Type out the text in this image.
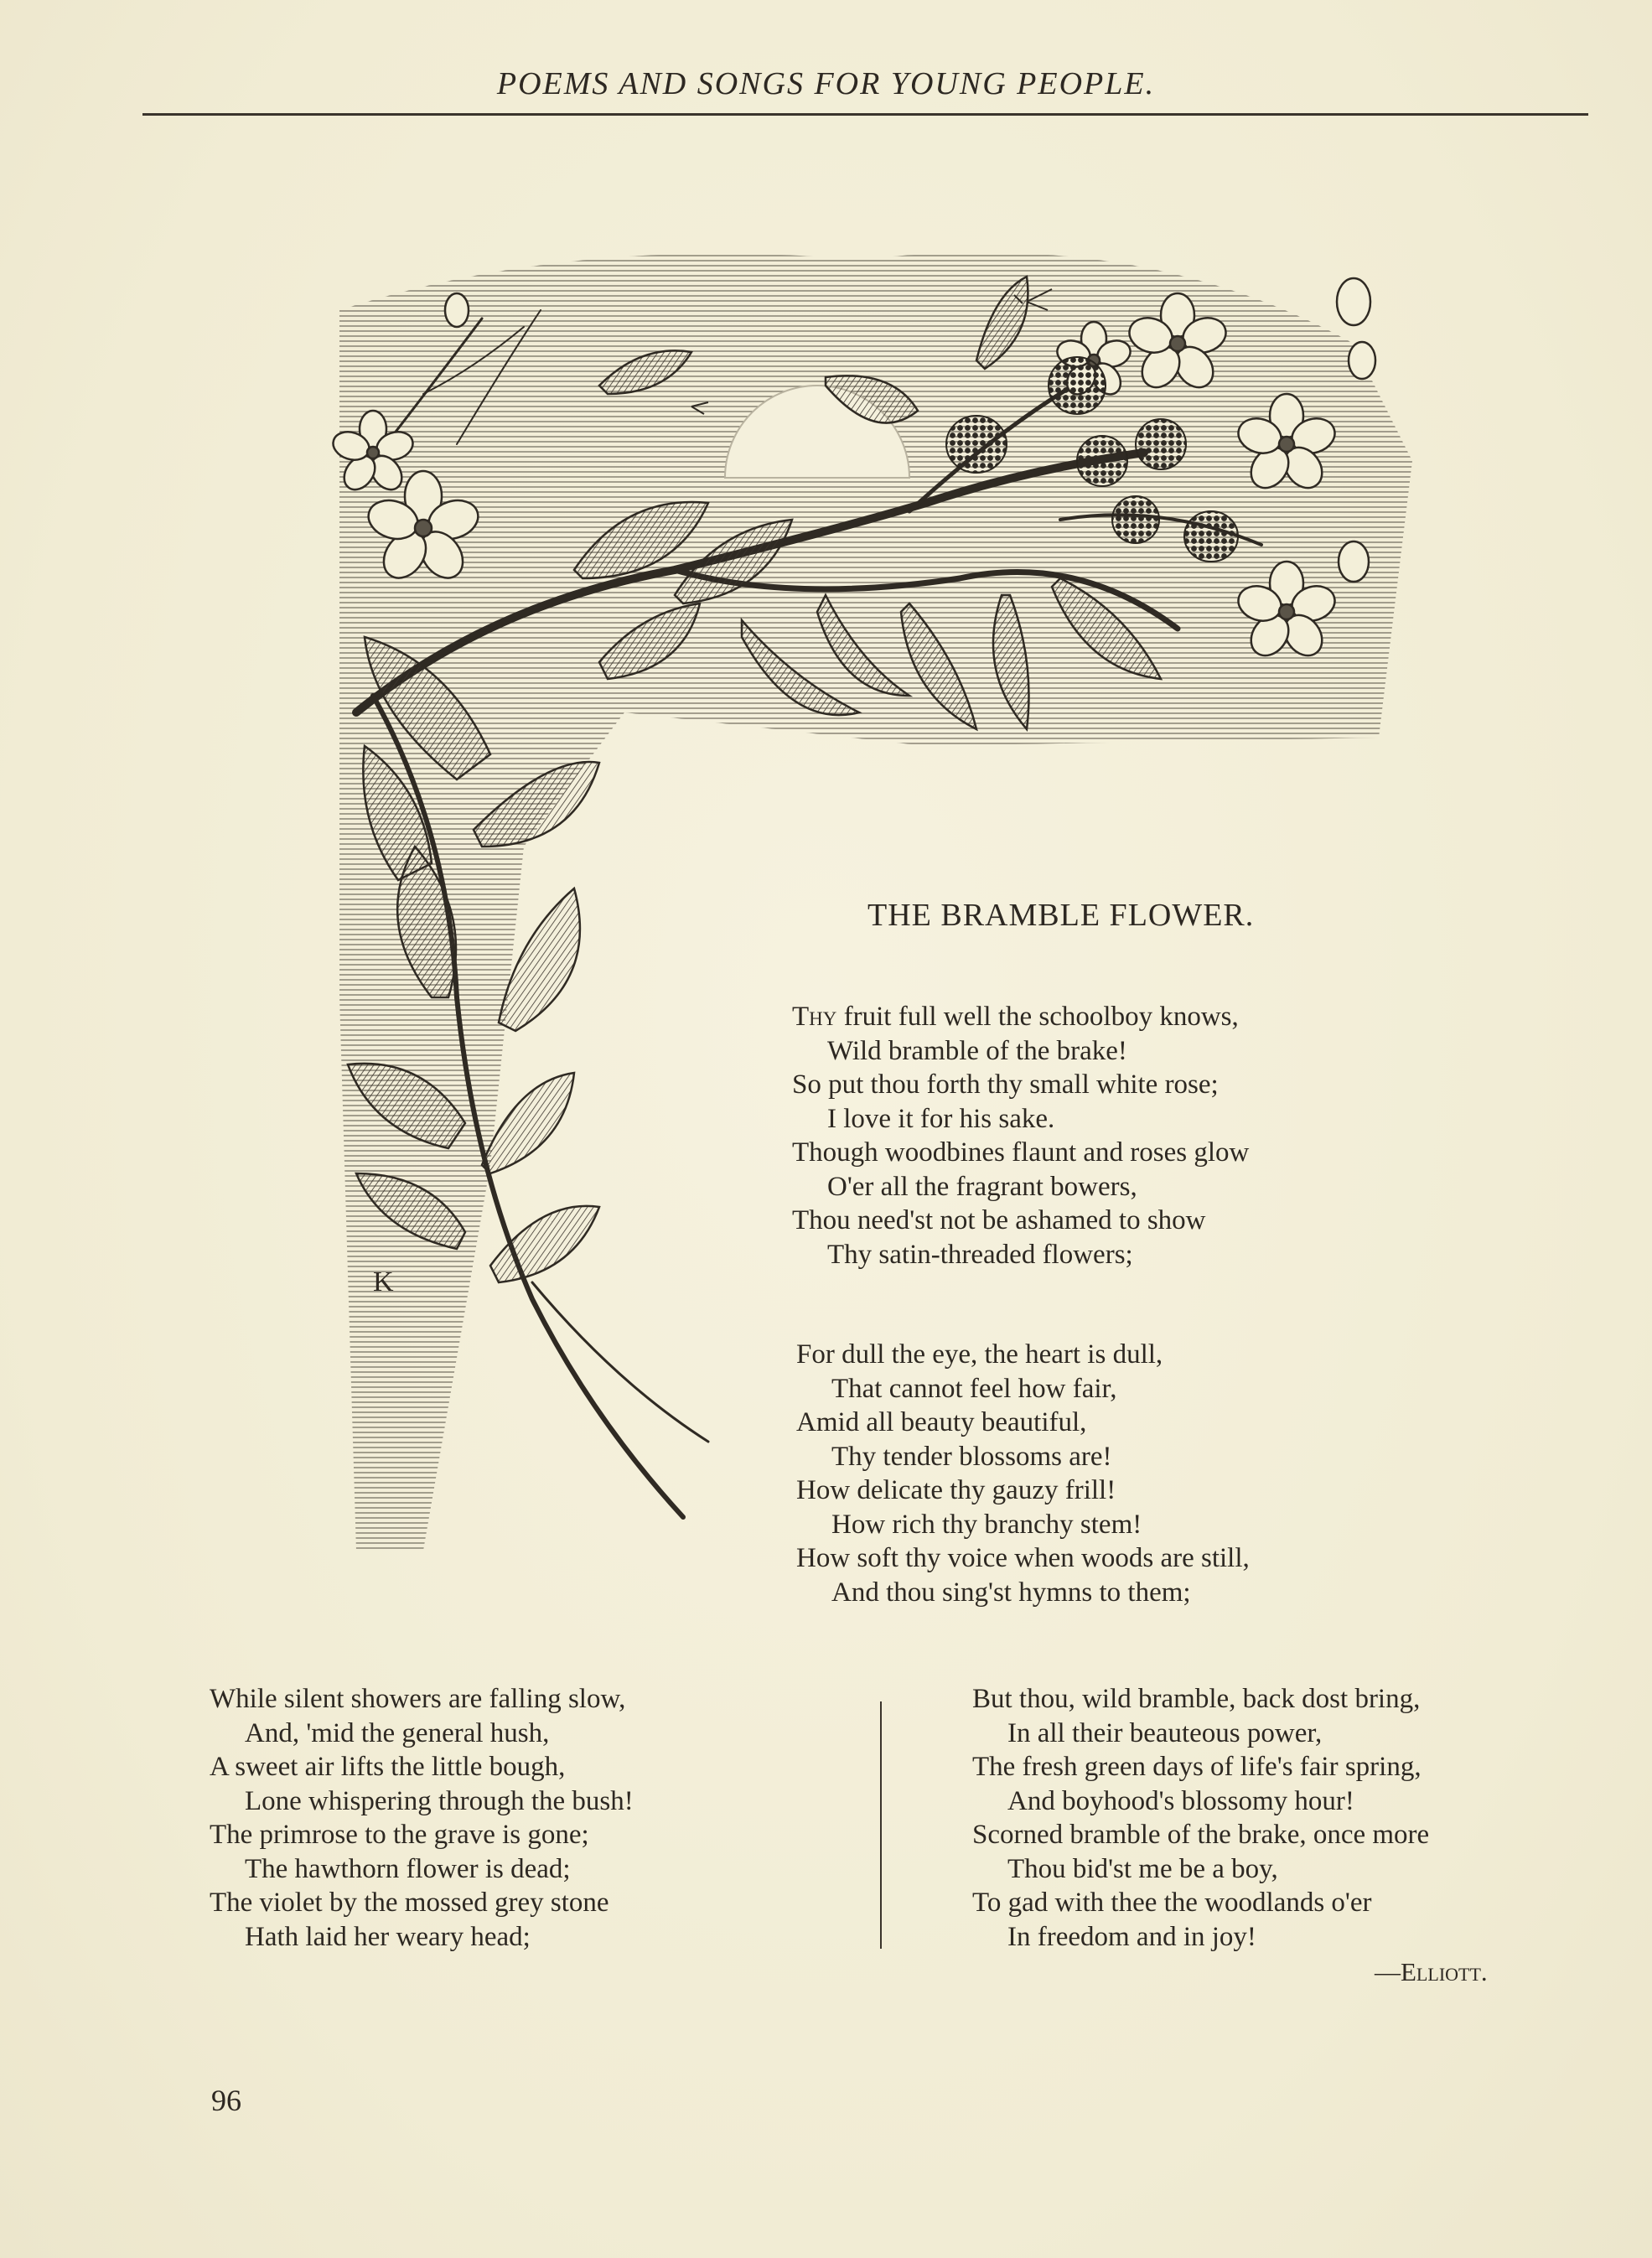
POEMS AND SONGS FOR YOUNG PEOPLE.
K
THE BRAMBLE FLOWER.
Thy fruit full well the schoolboy knows,
Wild bramble of the brake!
So put thou forth thy small white rose;
I love it for his sake.
Though woodbines flaunt and roses glow
O'er all the fragrant bowers,
Thou need'st not be ashamed to show
Thy satin-threaded flowers;
For dull the eye, the heart is dull,
That cannot feel how fair,
Amid all beauty beautiful,
Thy tender blossoms are!
How delicate thy gauzy frill!
How rich thy branchy stem!
How soft thy voice when woods are still,
And thou sing'st hymns to them;
While silent showers are falling slow,
And, 'mid the general hush,
A sweet air lifts the little bough,
Lone whispering through the bush!
The primrose to the grave is gone;
The hawthorn flower is dead;
The violet by the mossed grey stone
Hath laid her weary head;
But thou, wild bramble, back dost bring,
In all their beauteous power,
The fresh green days of life's fair spring,
And boyhood's blossomy hour!
Scorned bramble of the brake, once more
Thou bid'st me be a boy,
To gad with thee the woodlands o'er
In freedom and in joy!
—Elliott.
96
